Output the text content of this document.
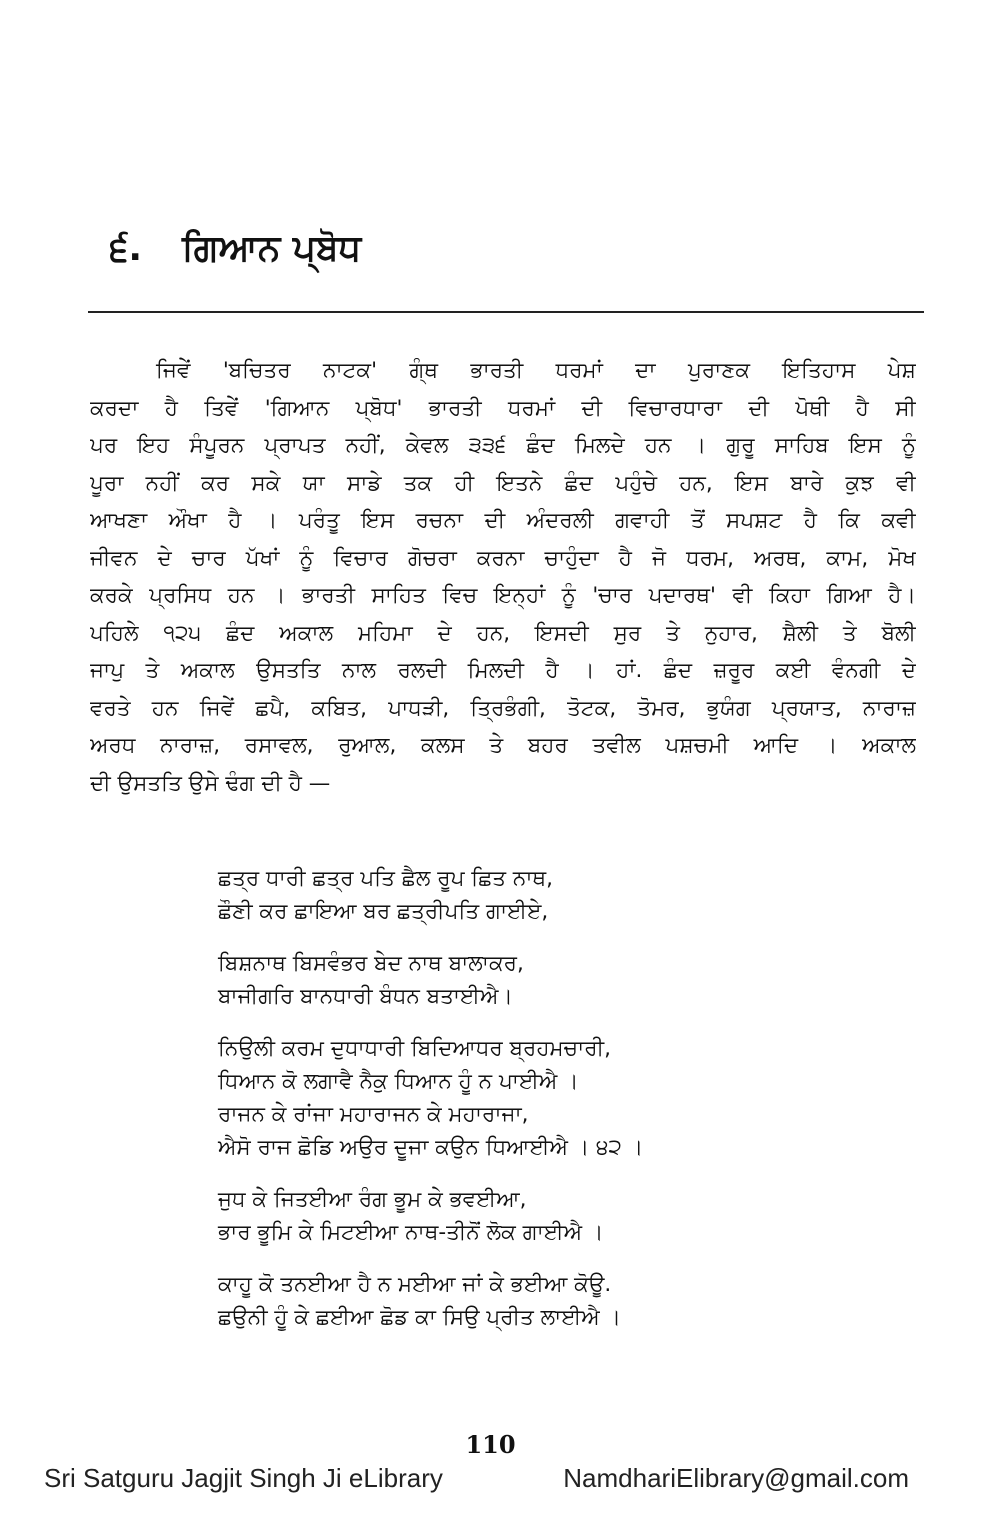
੬. ਗਿਆਨ ਪ੍ਬੋਧ
ਜਿਵੇਂ 'ਬਚਿਤਰ ਨਾਟਕ' ਗ੍ੰਥ ਭਾਰਤੀ ਧਰਮਾਂ ਦਾ ਪੁਰਾਣਕ ਇਤਿਹਾਸ ਪੇਸ਼
ਕਰਦਾ ਹੈ ਤਿਵੇਂ 'ਗਿਆਨ ਪ੍ਬੋਧ' ਭਾਰਤੀ ਧਰਮਾਂ ਦੀ ਵਿਚਾਰਧਾਰਾ ਦੀ ਪੋਥੀ ਹੈ ਸੀ
ਪਰ ਇਹ ਸੰਪੂਰਨ ਪ੍ਰਾਪਤ ਨਹੀਂ, ਕੇਵਲ ੩੩੬ ਛੰਦ ਮਿਲਦੇ ਹਨ । ਗੁਰੂ ਸਾਹਿਬ ਇਸ ਨੂੰ
ਪੂਰਾ ਨਹੀਂ ਕਰ ਸਕੇ ਯਾ ਸਾਡੇ ਤਕ ਹੀ ਇਤਨੇ ਛੰਦ ਪਹੁੰਚੇ ਹਨ, ਇਸ ਬਾਰੇ ਕੁਝ ਵੀ
ਆਖਣਾ ਔਖਾ ਹੈ । ਪਰੰਤੂ ਇਸ ਰਚਨਾ ਦੀ ਅੰਦਰਲੀ ਗਵਾਹੀ ਤੋਂ ਸਪਸ਼ਟ ਹੈ ਕਿ ਕਵੀ
ਜੀਵਨ ਦੇ ਚਾਰ ਪੱਖਾਂ ਨੂੰ ਵਿਚਾਰ ਗੋਚਰਾ ਕਰਨਾ ਚਾਹੁੰਦਾ ਹੈ ਜੋ ਧਰਮ, ਅਰਥ, ਕਾਮ, ਮੋਖ
ਕਰਕੇ ਪ੍ਰਸਿਧ ਹਨ । ਭਾਰਤੀ ਸਾਹਿਤ ਵਿਚ ਇਨ੍ਹਾਂ ਨੂੰ 'ਚਾਰ ਪਦਾਰਥ' ਵੀ ਕਿਹਾ ਗਿਆ ਹੈ।
ਪਹਿਲੇ ੧੨੫ ਛੰਦ ਅਕਾਲ ਮਹਿਮਾ ਦੇ ਹਨ, ਇਸਦੀ ਸੁਰ ਤੇ ਨੁਹਾਰ, ਸ਼ੈਲੀ ਤੇ ਬੋਲੀ
ਜਾਪੁ ਤੇ ਅਕਾਲ ਉਸਤਤਿ ਨਾਲ ਰਲਦੀ ਮਿਲਦੀ ਹੈ । ਹਾਂ. ਛੰਦ ਜ਼ਰੂਰ ਕਈ ਵੰਨਗੀ ਦੇ
ਵਰਤੇ ਹਨ ਜਿਵੇਂ ਛਪੈ, ਕਬਿਤ, ਪਾਧੜੀ, ਤ੍ਰਿਭੰਗੀ, ਤੋਟਕ, ਤੋਮਰ, ਭੁਯੰਗ ਪ੍ਰਯਾਤ, ਨਾਰਾਜ਼
ਅਰਧ ਨਾਰਾਜ਼, ਰਸਾਵਲ, ਰੁਆਲ, ਕਲਸ ਤੇ ਬਹਰ ਤਵੀਲ ਪਸ਼ਚਮੀ ਆਦਿ । ਅਕਾਲ
ਦੀ ਉਸਤਤਿ ਉਸੇ ਢੰਗ ਦੀ ਹੈ —
ਛਤ੍ਰ ਧਾਰੀ ਛਤ੍ਰ ਪਤਿ ਛੈਲ ਰੂਪ ਛਿਤ ਨਾਥ,
ਛੌਣੀ ਕਰ ਛਾਇਆ ਬਰ ਛਤ੍ਰੀਪਤਿ ਗਾਈਏ,
ਬਿਸ਼ਨਾਥ ਬਿਸਵੰਭਰ ਬੇਦ ਨਾਥ ਬਾਲਾਕਰ,
ਬਾਜੀਗਰਿ ਬਾਨਧਾਰੀ ਬੰਧਨ ਬਤਾਈਐ।
ਨਿਉਲੀ ਕਰਮ ਦੁਧਾਧਾਰੀ ਬਿਦਿਆਧਰ ਬ੍ਰਹਮਚਾਰੀ,
ਧਿਆਨ ਕੋ ਲਗਾਵੈ ਨੈਕੁ ਧਿਆਨ ਹੂੰ ਨ ਪਾਈਐ ।
ਰਾਜਨ ਕੇ ਰਾਂਜਾ ਮਹਾਰਾਜਨ ਕੇ ਮਹਾਰਾਜਾ,
ਐਸੋ ਰਾਜ ਛੋਡਿ ਅਉਰ ਦੂਜਾ ਕਉਨ ਧਿਆਈਐ । ੪੨ ।
ਜੁਧ ਕੇ ਜਿਤਈਆ ਰੰਗ ਭੂਮ ਕੇ ਭਵਈਆ,
ਭਾਰ ਭੂਮਿ ਕੇ ਮਿਟਈਆ ਨਾਥ-ਤੀਨੋਂ ਲੋਕ ਗਾਈਐ ।
ਕਾਹੂ ਕੋ ਤਨਈਆ ਹੈ ਨ ਮਈਆ ਜਾਂ ਕੇ ਭਈਆ ਕੋਊ.
ਛਉਨੀ ਹੂੰ ਕੇ ਛਈਆ ਛੋਡ ਕਾ ਸਿਉ ਪ੍ਰੀਤ ਲਾਈਐ ।
110
Sri Satguru Jagjit Singh Ji eLibrary	NamdhariElibrary@gmail.com
